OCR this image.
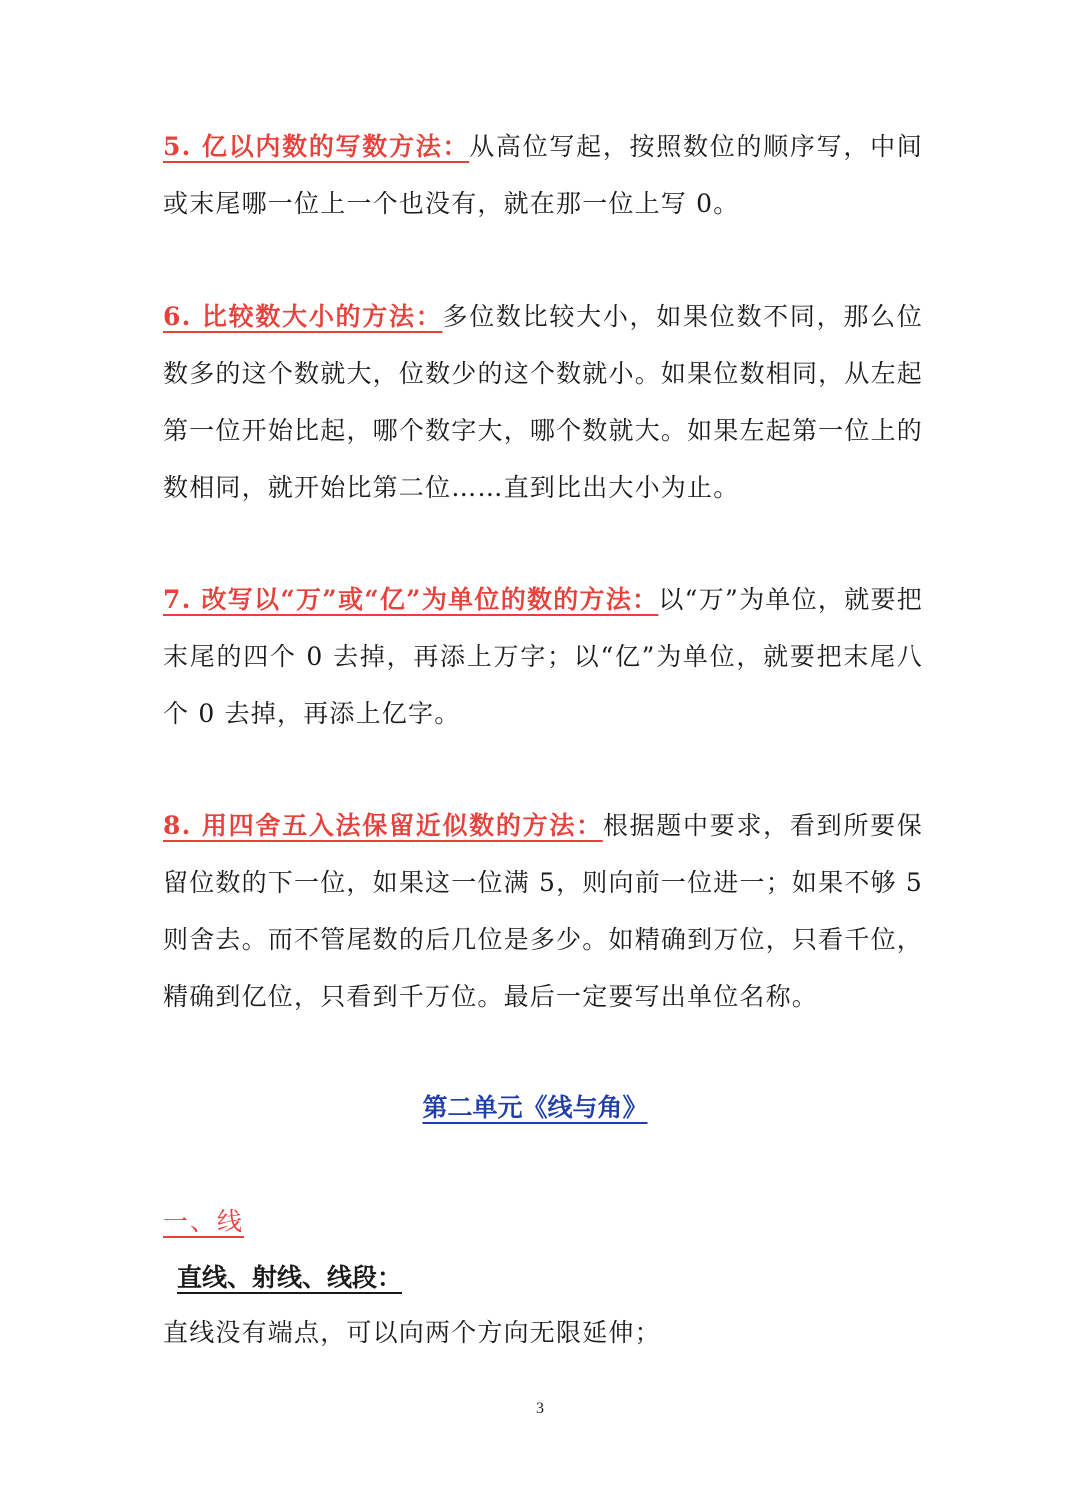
5. 亿以内数的写数方法：从高位写起，按照数位的顺序写，中间或末尾哪一位上一个也没有，就在那一位上写 0。

6. 比较数大小的方法：多位数比较大小，如果位数不同，那么位数多的这个数就大，位数少的这个数就小。如果位数相同，从左起第一位开始比起，哪个数字大，哪个数就大。如果左起第一位上的数相同，就开始比第二位……直到比出大小为止。

7. 改写以“万”或“亿”为单位的数的方法：以“万”为单位，就要把末尾的四个 0 去掉，再添上万字；以“亿”为单位，就要把末尾八个 0 去掉，再添上亿字。

8. 用四舍五入法保留近似数的方法：根据题中要求，看到所要保留位数的下一位，如果这一位满 5，则向前一位进一；如果不够 5 则舍去。而不管尾数的后几位是多少。如精确到万位，只看千位，精确到亿位，只看到千万位。最后一定要写出单位名称。

第二单元《线与角》
一、线
直线、射线、线段：
直线没有端点，可以向两个方向无限延伸；
3
